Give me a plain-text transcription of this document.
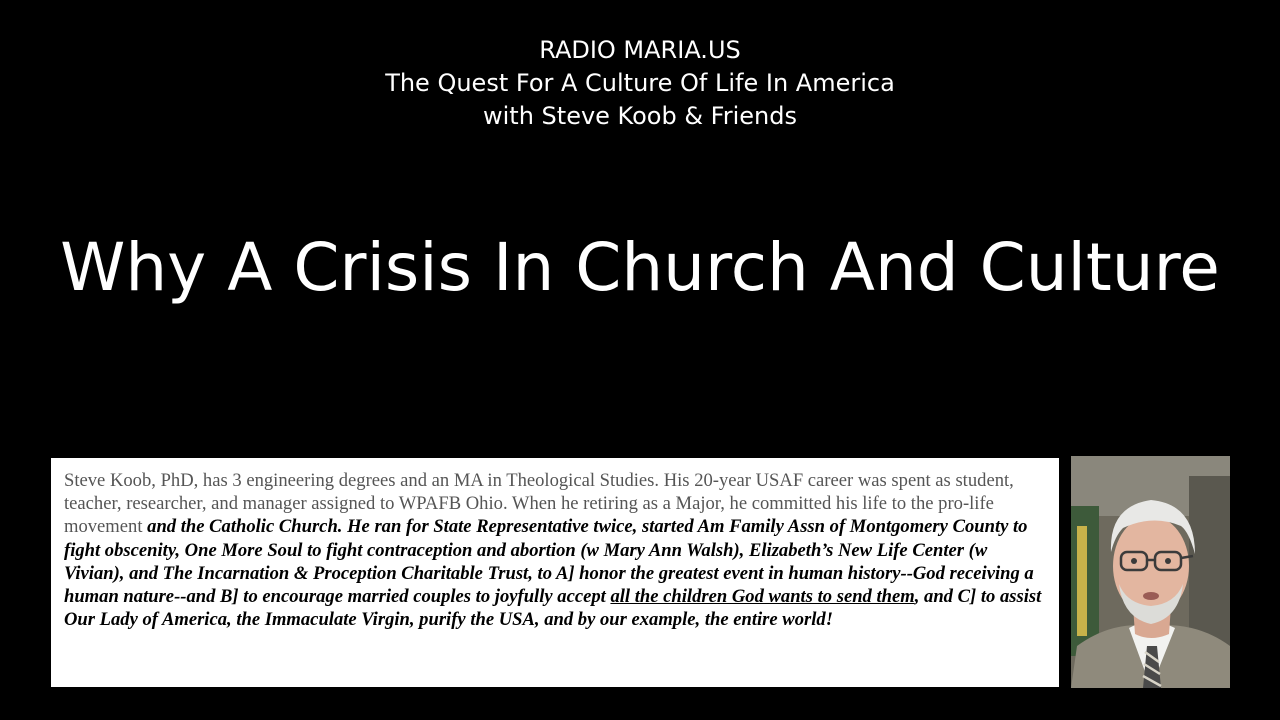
RADIO MARIA.US
The Quest For A Culture Of Life In America
with Steve Koob & Friends
Why A Crisis In Church And Culture
Steve Koob, PhD, has 3 engineering degrees and an MA in Theological Studies. His 20-year USAF career was spent as student, teacher, researcher, and manager assigned to WPAFB Ohio. When he retiring as a Major, he committed his life to the pro-life movement and the Catholic Church. He ran for State Representative twice, started Am Family Assn of Montgomery County to fight obscenity, One More Soul to fight contraception and abortion (w Mary Ann Walsh), Elizabeth’s New Life Center (w Vivian), and The Incarnation & Proception Charitable Trust, to A] honor the greatest event in human history--God receiving a human nature--and B] to encourage married couples to joyfully accept all the children God wants to send them, and C] to assist Our Lady of America, the Immaculate Virgin, purify the USA, and by our example, the entire world!
